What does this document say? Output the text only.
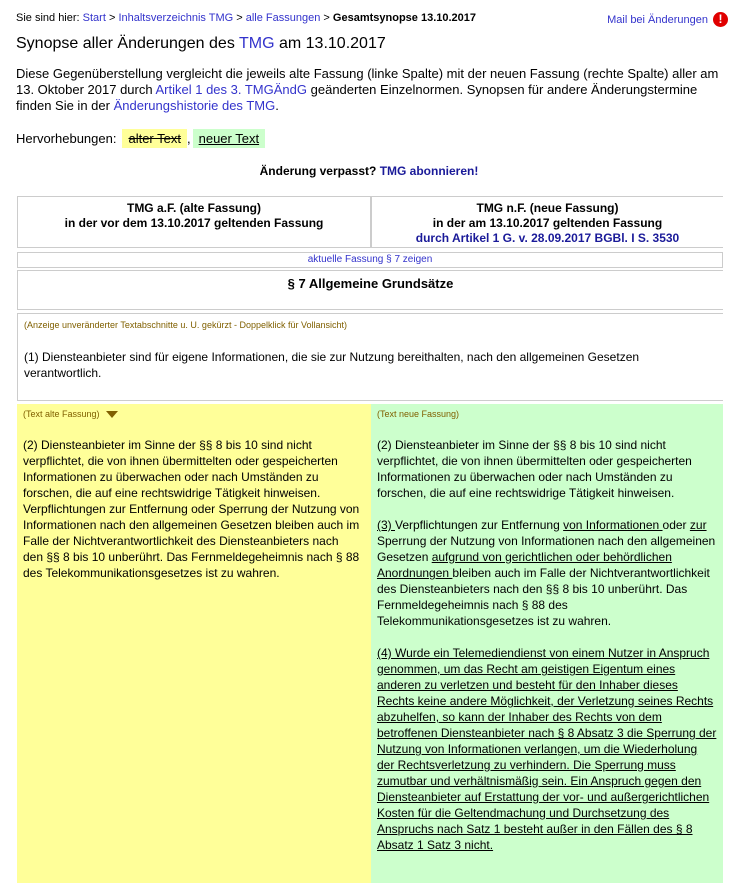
Sie sind hier: Start > Inhaltsverzeichnis TMG > alle Fassungen > Gesamtsynopse 13.10.2017	Mail bei Änderungen !
Synopse aller Änderungen des TMG am 13.10.2017

Diese Gegenüberstellung vergleicht die jeweils alte Fassung (linke Spalte) mit der neuen Fassung (rechte Spalte) aller am 13. Oktober 2017 durch Artikel 1 des 3. TMGÄndG geänderten Einzelnormen. Synopsen für andere Änderungstermine finden Sie in der Änderungshistorie des TMG.

Hervorhebungen: alter Text , neuer Text
Änderung verpasst? TMG abonnieren!
TMG a.F. (alte Fassung)
in der vor dem 13.10.2017 geltenden Fassung
TMG n.F. (neue Fassung)
in der am 13.10.2017 geltenden Fassung
durch Artikel 1 G. v. 28.09.2017 BGBl. I S. 3530
aktuelle Fassung § 7 zeigen
§ 7 Allgemeine Grundsätze
(Anzeige unveränderter Textabschnitte u. U. gekürzt - Doppelklick für Vollansicht)
(1) Diensteanbieter sind für eigene Informationen, die sie zur Nutzung bereithalten, nach den allgemeinen Gesetzen verantwortlich.
(Text alte Fassung)
(2) Diensteanbieter im Sinne der §§ 8 bis 10 sind nicht verpflichtet, die von ihnen übermittelten oder gespeicherten Informationen zu überwachen oder nach Umständen zu forschen, die auf eine rechtswidrige Tätigkeit hinweisen. Verpflichtungen zur Entfernung oder Sperrung der Nutzung von Informationen nach den allgemeinen Gesetzen bleiben auch im Falle der Nichtverantwortlichkeit des Diensteanbieters nach den §§ 8 bis 10 unberührt. Das Fernmeldegeheimnis nach § 88 des Telekommunikationsgesetzes ist zu wahren.
(Text neue Fassung)

(2) Diensteanbieter im Sinne der §§ 8 bis 10 sind nicht verpflichtet, die von ihnen übermittelten oder gespeicherten Informationen zu überwachen oder nach Umständen zu forschen, die auf eine rechtswidrige Tätigkeit hinweisen.

(3) Verpflichtungen zur Entfernung von Informationen oder zur Sperrung der Nutzung von Informationen nach den allgemeinen Gesetzen aufgrund von gerichtlichen oder behördlichen Anordnungen bleiben auch im Falle der Nichtverantwortlichkeit des Diensteanbieters nach den §§ 8 bis 10 unberührt. Das Fernmeldegeheimnis nach § 88 des Telekommunikationsgesetzes ist zu wahren.

(4) Wurde ein Telemediendienst von einem Nutzer in Anspruch genommen, um das Recht am geistigen Eigentum eines anderen zu verletzen und besteht für den Inhaber dieses Rechts keine andere Möglichkeit, der Verletzung seines Rechts abzuhelfen, so kann der Inhaber des Rechts von dem betroffenen Diensteanbieter nach § 8 Absatz 3 die Sperrung der Nutzung von Informationen verlangen, um die Wiederholung der Rechtsverletzung zu verhindern. Die Sperrung muss zumutbar und verhältnismäßig sein. Ein Anspruch gegen den Diensteanbieter auf Erstattung der vor- und außergerichtlichen Kosten für die Geltendmachung und Durchsetzung des Anspruchs nach Satz 1 besteht außer in den Fällen des § 8 Absatz 1 Satz 3 nicht.
